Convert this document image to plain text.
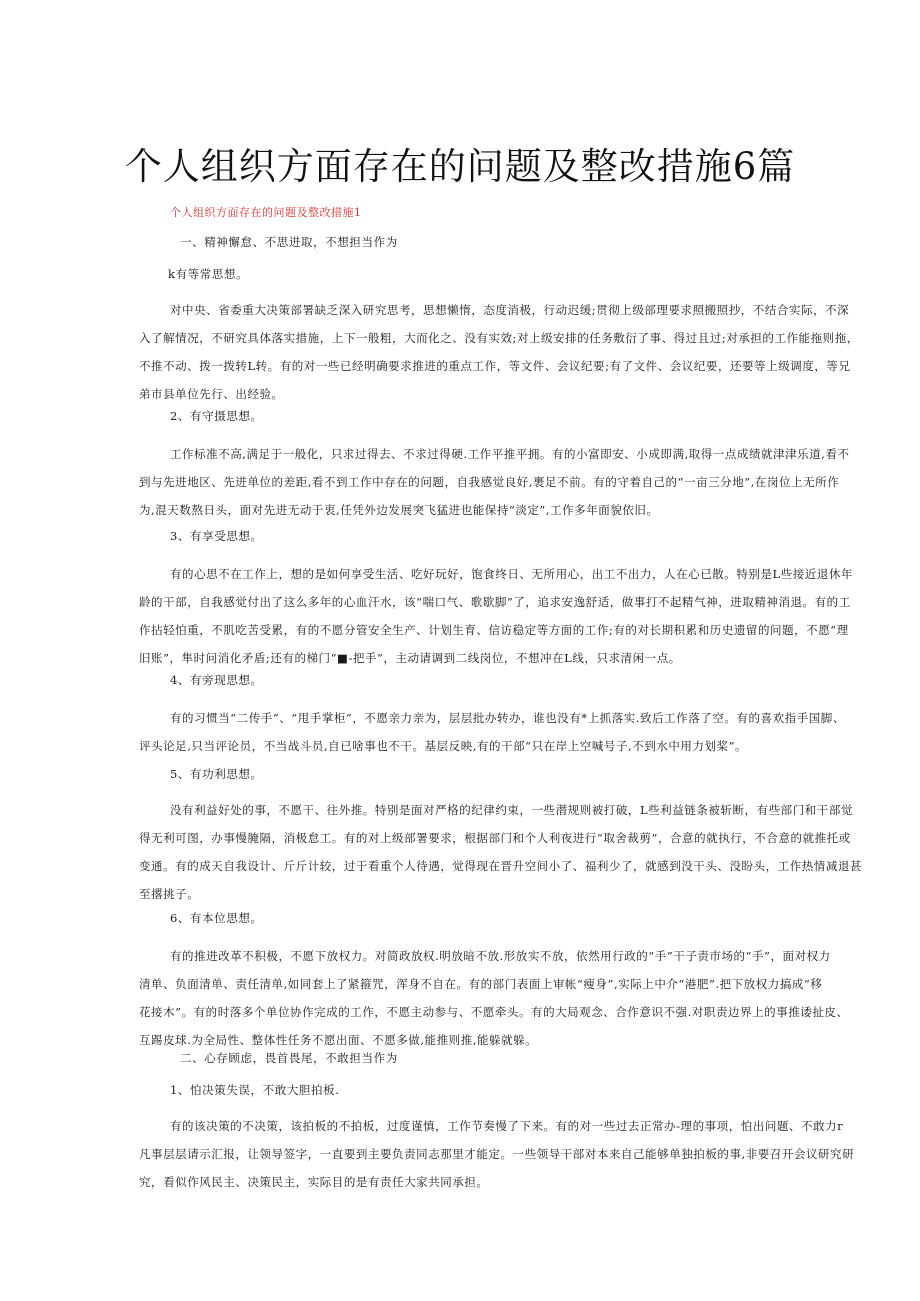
个人组织方面存在的问题及整改措施6篇

个人组织方面存在的问题及整改措施1

一、精神懈怠、不思进取，不想担当作为

k有等常思想。

对中央、省委重大决策部署缺乏深入研究思考，思想懒惰，态度消极，行动迟缓;贯彻上级部理要求照搬照抄，不结合实际，不深
入了解情况，不研究具体落实措施，上下一般粗，大而化之、没有实效;对上级安排的任务敷衍了事、得过且过;对承担的工作能拖则拖，
不推不动、拨一拨转L转。有的对一些已经明确要求推进的重点工作，等文件、会议纪要;有了文件、会议纪要，还要等上级调度，等兄
弟市县单位先行、出经验。

2、有守摄思想。

工作标准不高,满足于一般化，只求过得去、不求过得硬.工作平推平拥。有的小富即安、小成即满,取得一点成绩就津津乐道,看不
到与先进地区、先进单位的差距,看不到工作中存在的问题，自我感觉良好,裹足不前。有的守着自己的“一亩三分地”,在岗位上无所作
为,混天数熬日头，面对先进无动于衷,任凭外边发展突飞猛进也能保持“淡定”,工作多年面貌依旧。

3、有享受思想。

有的心思不在工作上，想的是如何享受生活、吃好玩好，饱食终日、无所用心，出工不出力，人在心已散。特别是L些接近退休年
龄的干部，自我感觉付出了这么多年的心血汗水，该“喘口气、歌歇脚”了，追求安逸舒适，做事打不起精气神，进取精神消退。有的工
作拈轻怕重，不肌吃苦受累，有的不愿分管安全生产、计划生育、信访稳定等方面的工作;有的对长期积累和历史遗留的问题，不愿“理
旧账”，隼时问消化矛盾;还有的梯门“■-把手”，主动请调到二线岗位，不想冲在L线，只求清闲一点。

4、有旁现思想。

有的习惯当“二传手”、“甩手掌柜”，不愿亲力亲为，层层批办转办，谁也没有*上抓落实.致后工作落了空。有的喜欢指手国脚、
评头论足,只当评论员，不当战斗员,自已啥事也不干。基层反映,有的干部“只在岸上空喊号子,不到水中用力划桨”。

5、有功利思想。

没有利益好处的事，不愿干、往外推。特别是面对严格的纪律约束，一些潜规则被打破，L些利益链条被斩断，有些部门和干部觉
得无利可图，办事慢腌隔，消极怠工。有的对上级部署要求，根据部门和个人利夜进行“取舍裁剪”，合意的就执行，不合意的就推托或
变通。有的成天自我设计、斤斤计较，过于看重个人待遇，觉得现在晋升空间小了、福利少了，就感到没干头、没盼头，工作热情减退甚
至撂挑子。

6、有本位思想。

有的推进改革不积极，不愿下放权力。对简政放权.明放暗不放.形放实不放，依然用行政的“手”干子责市场的“手”，面对权力
清单、负面清单、责任清单,如同套上了紧箍咒，浑身不自在。有的部门表面上审帐“瘦身”,实际上中介“港肥”.把下放权力搞成“移
花接木”。有的时落多个单位协作完成的工作，不愿主动参与、不愿牵头。有的大局观念、合作意识不强.对职责边界上的事推诿扯皮、
互踢皮球.为全局性、整体性任务不愿出面、不愿多做,能推则推,能躲就躲。

二、心存顾虑，畏首畏尾，不敢担当作为

1、怕决策失误，不敢大胆拍板.

有的该决策的不决策，该拍板的不拍板，过度谨慎，工作节奏慢了下来。有的对一些过去正常办-理的事项，怕出问题、不敢力r
凡事层层请示汇报，让领导签字，一直要到主要负责同志那里才能定。一些领导干部对本来自己能够单独拍板的事,非要召开会议研究研
究，看似作风民主、决策民主，实际目的是有责任大家共同承担。
